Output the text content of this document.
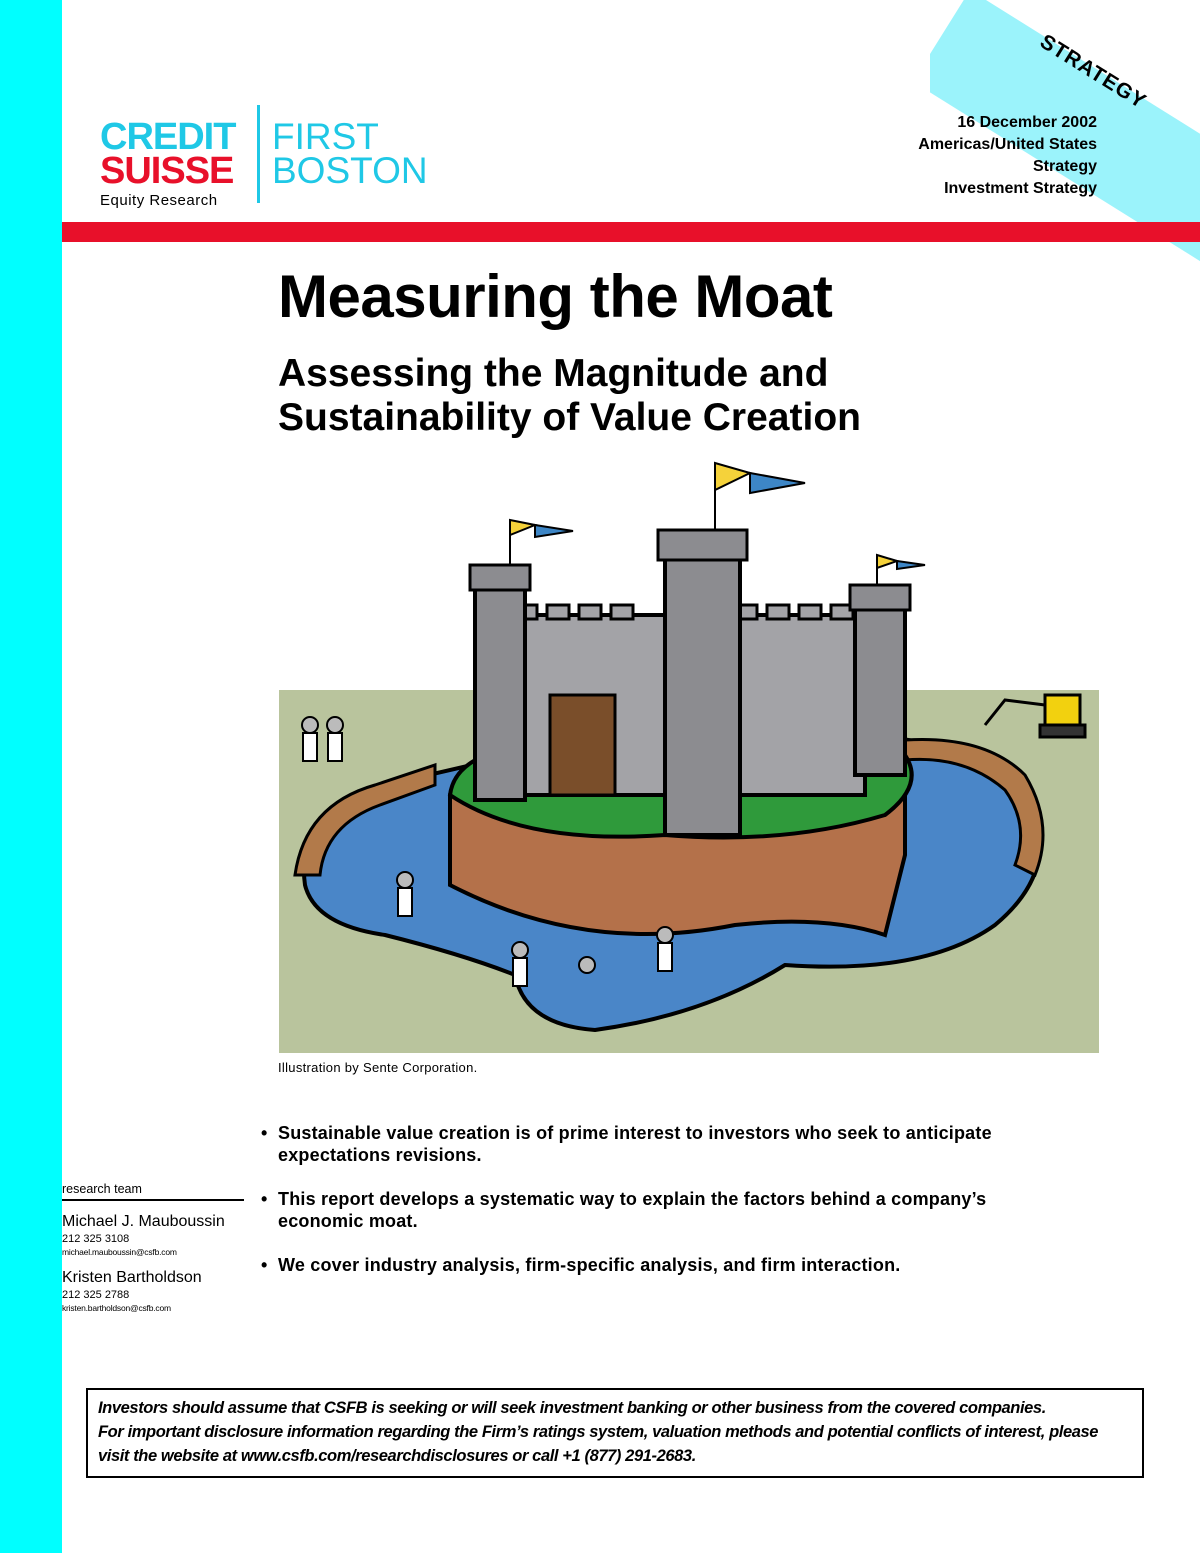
STRATEGY
CREDIT
SUISSE
Equity Research
FIRST
BOSTON
16 December 2002
Americas/United States
Strategy
Investment Strategy
Measuring the Moat
Assessing the Magnitude and Sustainability of Value Creation
Illustration by Sente Corporation.
• Sustainable value creation is of prime interest to investors who seek to anticipate expectations revisions.
• This report develops a systematic way to explain the factors behind a company’s economic moat.
• We cover industry analysis, firm-specific analysis, and firm interaction.
research team
Michael J. Mauboussin
212 325 3108
michael.mauboussin@csfb.com
Kristen Bartholdson
212 325 2788
kristen.bartholdson@csfb.com

Investors should assume that CSFB is seeking or will seek investment banking or other business from the covered companies.

For important disclosure information regarding the Firm’s ratings system, valuation methods and potential conflicts of interest, please visit the website at www.csfb.com/researchdisclosures or call +1 (877) 291-2683.
